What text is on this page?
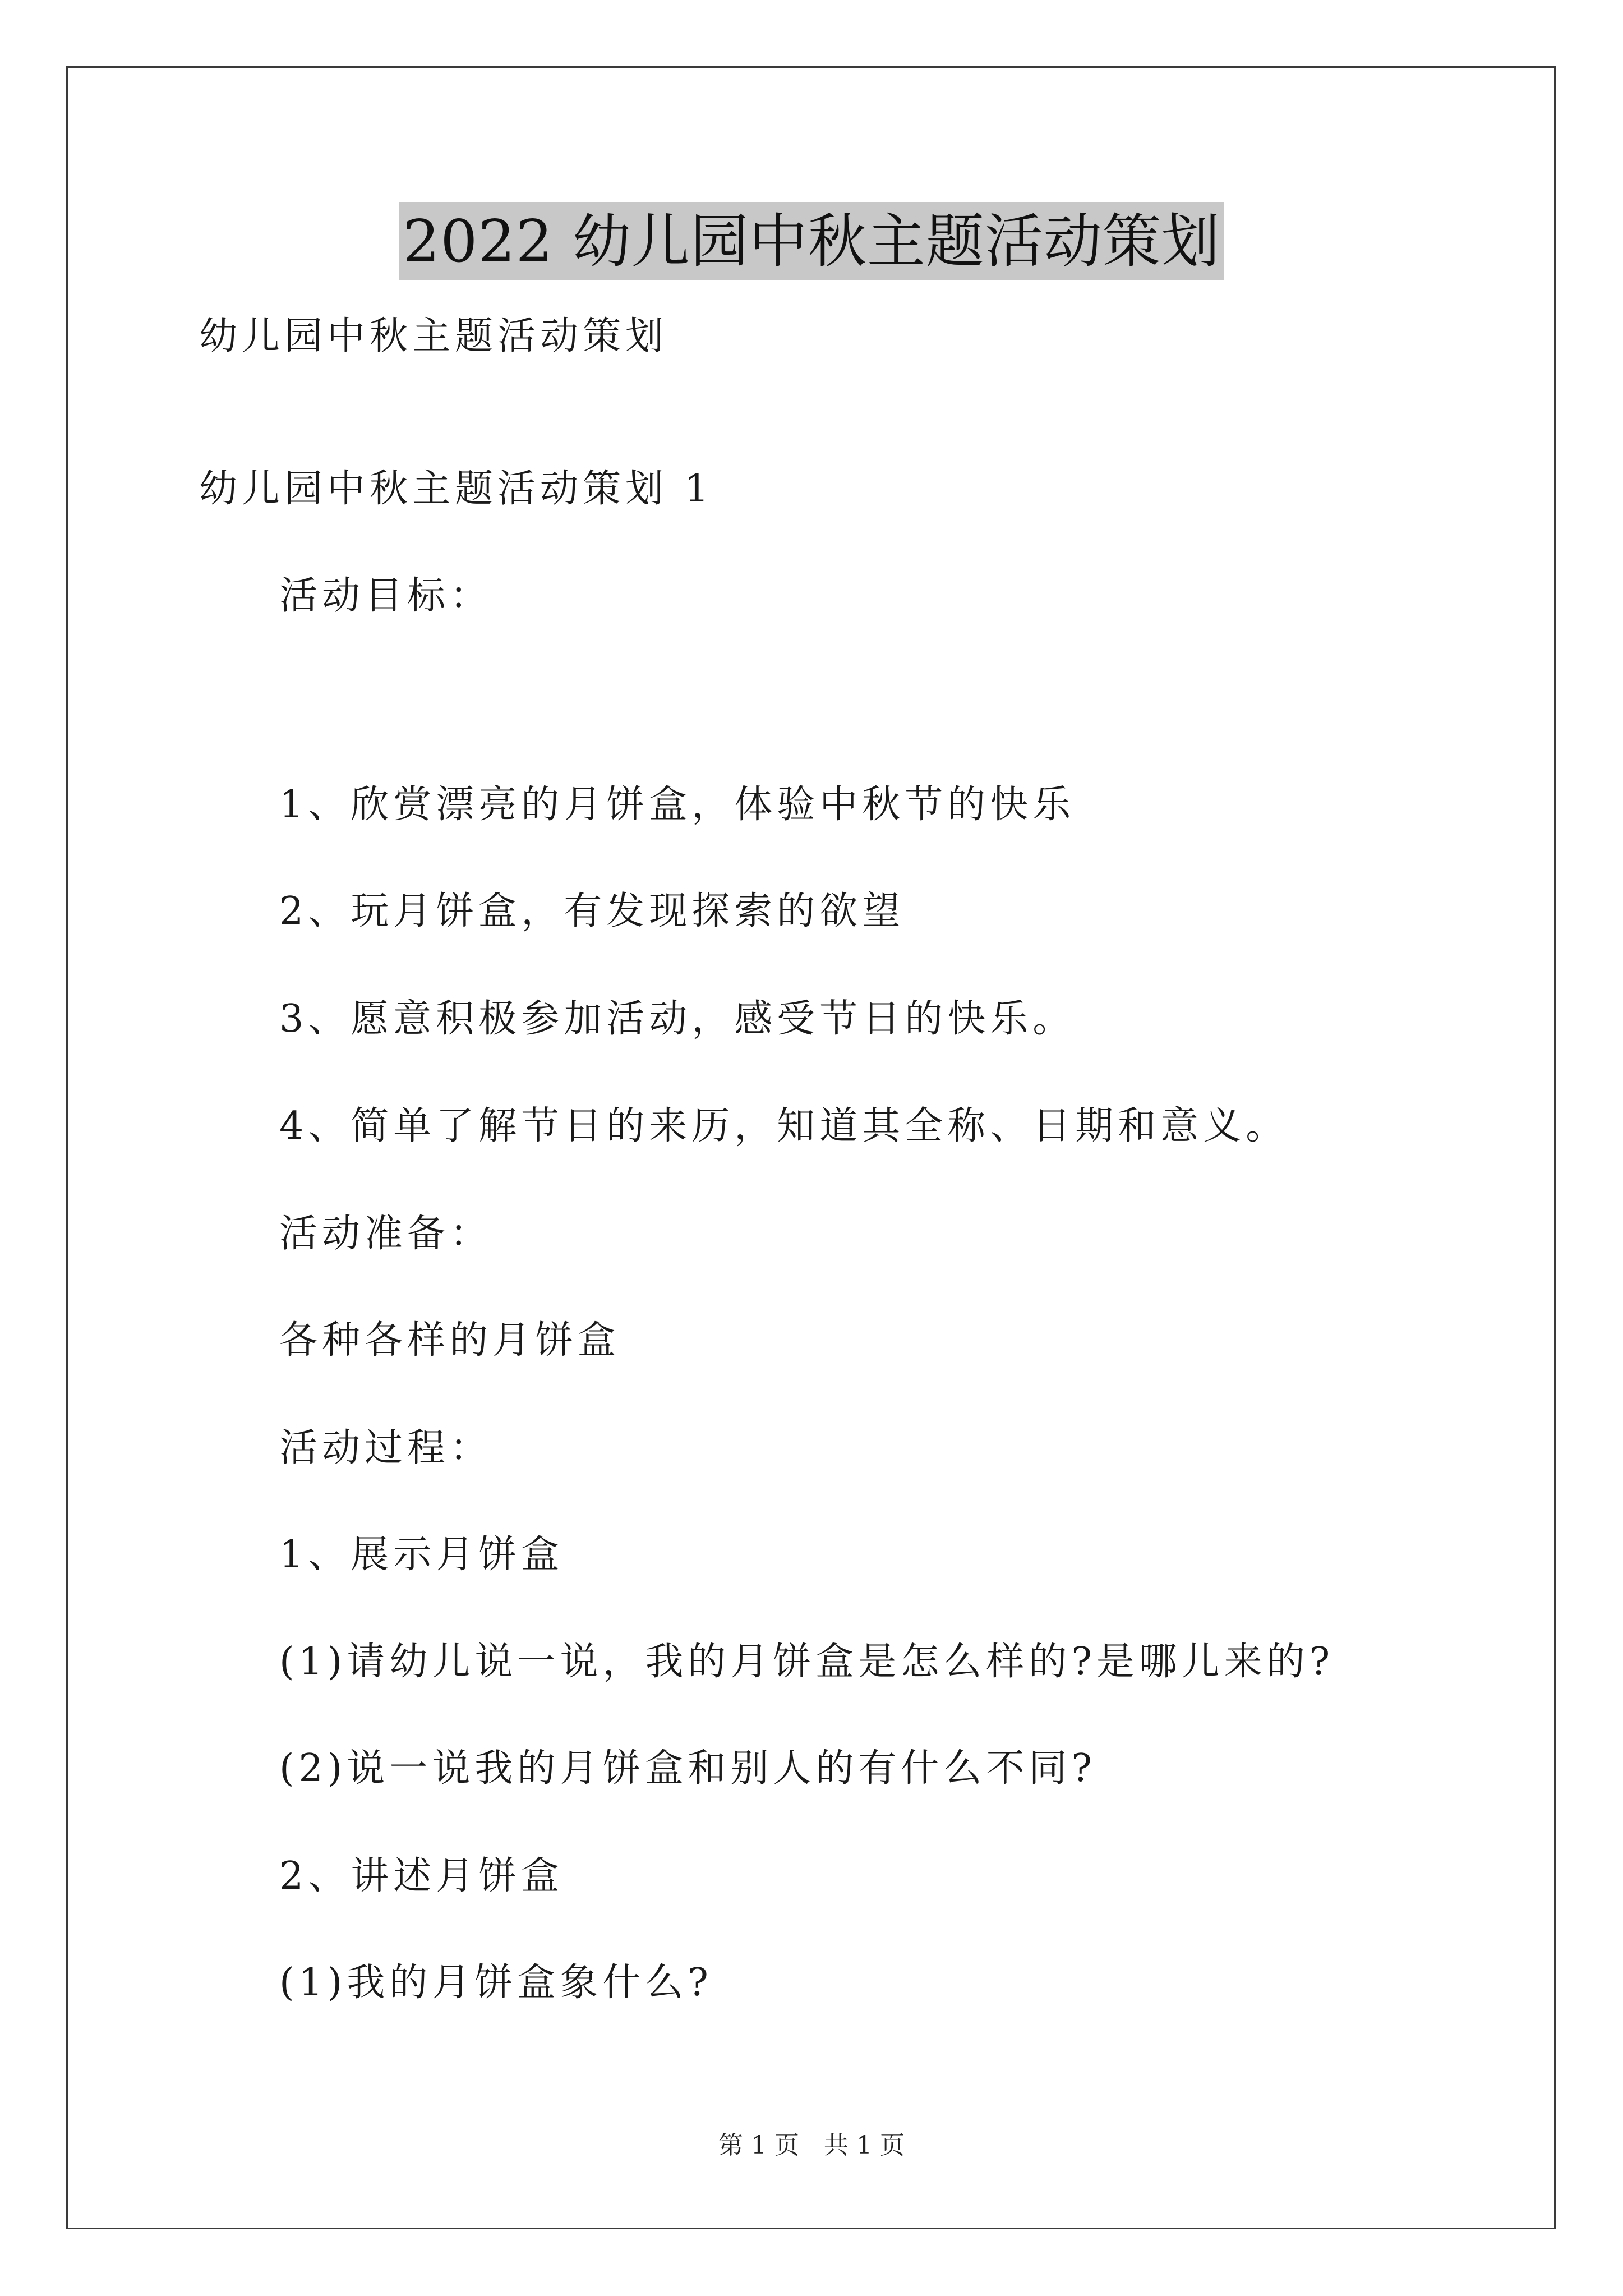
2022 幼儿园中秋主题活动策划
幼儿园中秋主题活动策划
幼儿园中秋主题活动策划 1
活动目标：
1、欣赏漂亮的月饼盒，体验中秋节的快乐
2、玩月饼盒，有发现探索的欲望
3、愿意积极参加活动，感受节日的快乐。
4、简单了解节日的来历，知道其全称、日期和意义。
活动准备：
各种各样的月饼盒
活动过程：
1、展示月饼盒
(1)请幼儿说一说，我的月饼盒是怎么样的?是哪儿来的?
(2)说一说我的月饼盒和别人的有什么不同?
2、讲述月饼盒
(1)我的月饼盒象什么?
第 1 页　共 1 页
